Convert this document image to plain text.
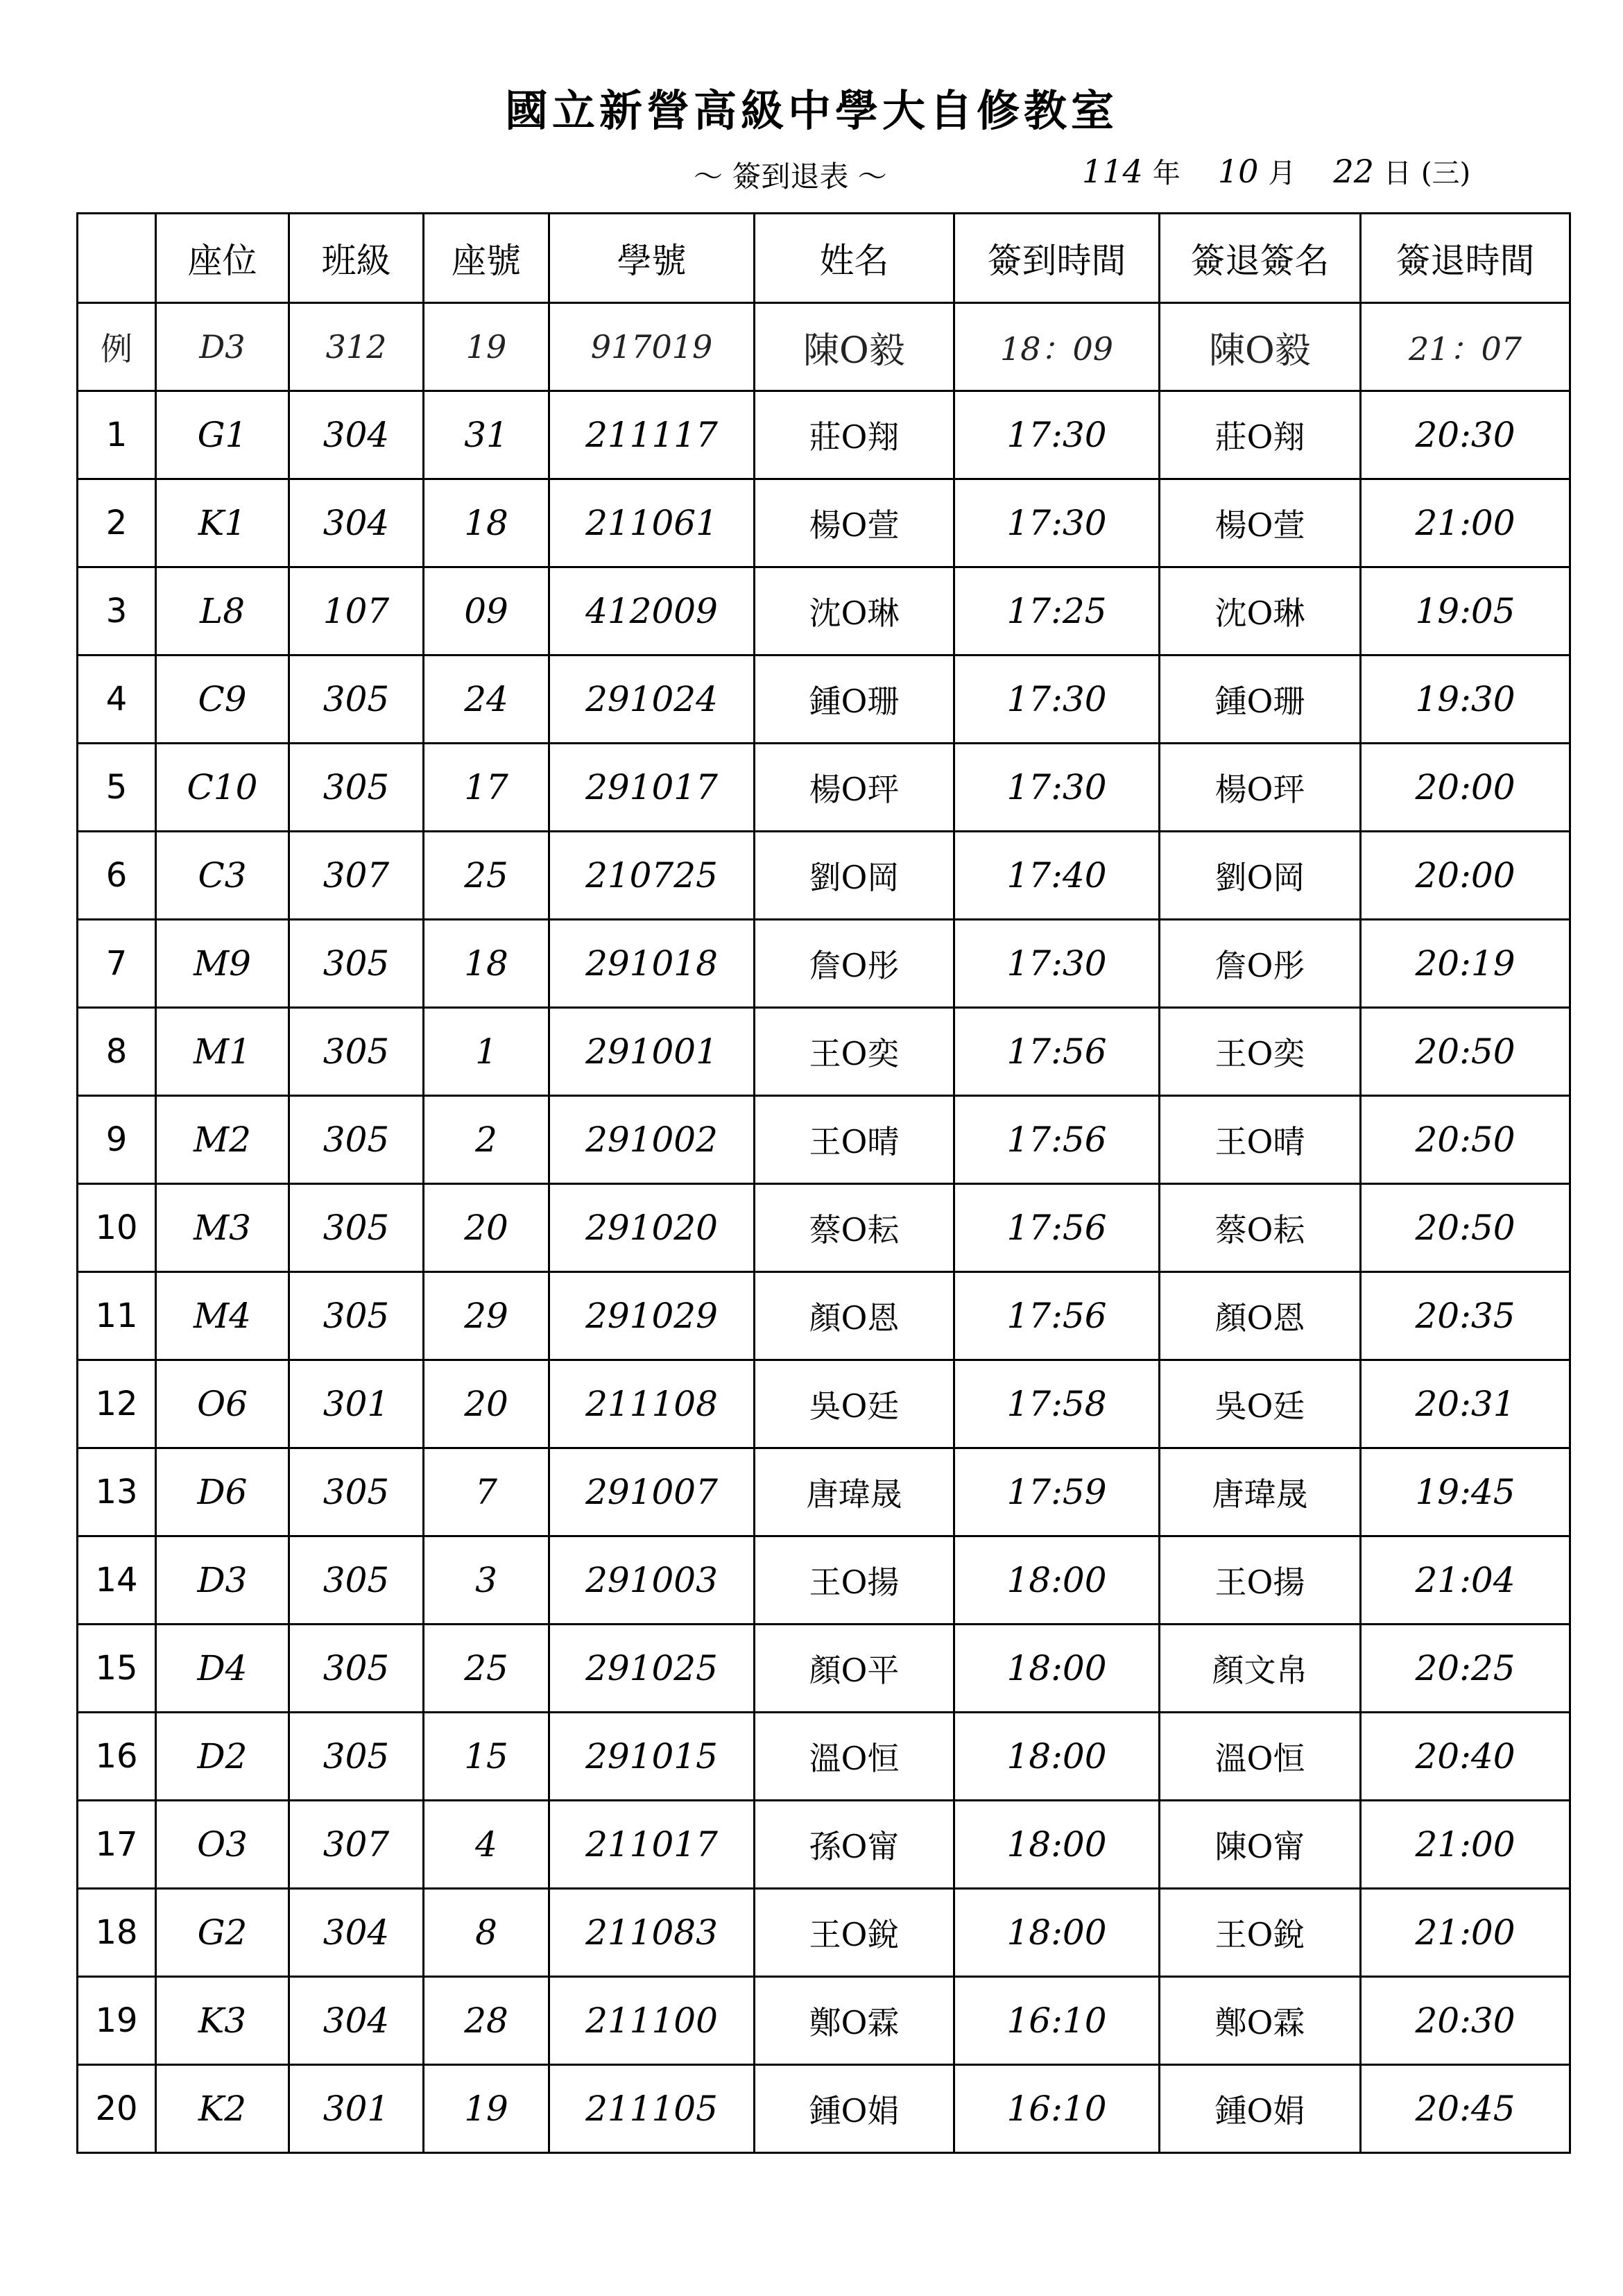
國立新營高級中學大自修教室
～ 簽到退表 ～	114 年 10 月 22 日 (三)
	座位	班級	座號	學號	姓名	簽到時間	簽退簽名	簽退時間
例	D3	312	19	917019	陳O毅	18：09	陳O毅	21：07
1	G1	304	31	211117	莊O翔	17:30	莊O翔	20:30
2	K1	304	18	211061	楊O萱	17:30	楊O萱	21:00
3	L8	107	09	412009	沈O琳	17:25	沈O琳	19:05
4	C9	305	24	291024	鍾O珊	17:30	鍾O珊	19:30
5	C10	305	17	291017	楊O玶	17:30	楊O玶	20:00
6	C3	307	25	210725	劉O岡	17:40	劉O岡	20:00
7	M9	305	18	291018	詹O彤	17:30	詹O彤	20:19
8	M1	305	1	291001	王O奕	17:56	王O奕	20:50
9	M2	305	2	291002	王O晴	17:56	王O晴	20:50
10	M3	305	20	291020	蔡O耘	17:56	蔡O耘	20:50
11	M4	305	29	291029	顏O恩	17:56	顏O恩	20:35
12	O6	301	20	211108	吳O廷	17:58	吳O廷	20:31
13	D6	305	7	291007	唐瑋晟	17:59	唐瑋晟	19:45
14	D3	305	3	291003	王O揚	18:00	王O揚	21:04
15	D4	305	25	291025	顏O平	18:00	顏文帛	20:25
16	D2	305	15	291015	溫O恒	18:00	溫O恒	20:40
17	O3	307	4	211017	孫O甯	18:00	陳O甯	21:00
18	G2	304	8	211083	王O銳	18:00	王O銳	21:00
19	K3	304	28	211100	鄭O霖	16:10	鄭O霖	20:30
20	K2	301	19	211105	鍾O娟	16:10	鍾O娟	20:45
